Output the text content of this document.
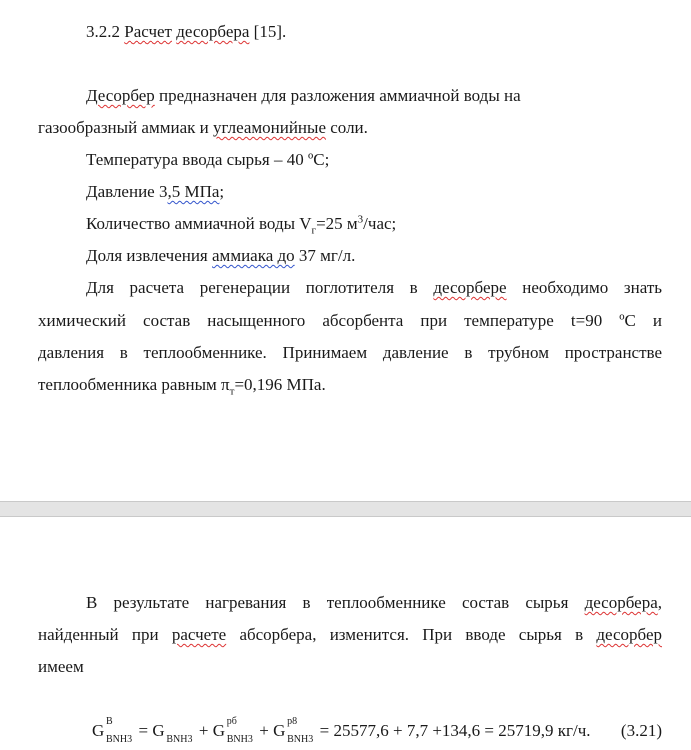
3.2.2 Расчет десорбера [15].
Десорбер предназначен для разложения аммиачной воды на
газообразный аммиак и углеамонийные соли.
Температура ввода сырья – 40 ºС;
Давление 3,5 МПа;
Количество аммиачной воды $V_г=25$ $м^3$/час;
Доля извлечения аммиака до 37 мг/л.
Для расчета регенерации поглотителя в десорбере необходимо знать
химический состав насыщенного абсорбента при температуре t=90 ºС и
давления в теплообменнике. Принимаем давление в трубном пространстве
теплообменника равным $\pi_т=0,196$ МПа.
В результате нагревания в теплообменнике состав сырья десорбера,
найденный при расчете абсорбера, изменится. При вводе сырья в десорбер
имеем
G В
ВNH3 = G ВNH3 + G рб
ВNH3 + G р8
ВNH3 = 25577,6 + 7,7 +134,6 = 25719,9 кг/ч. (3.21)
